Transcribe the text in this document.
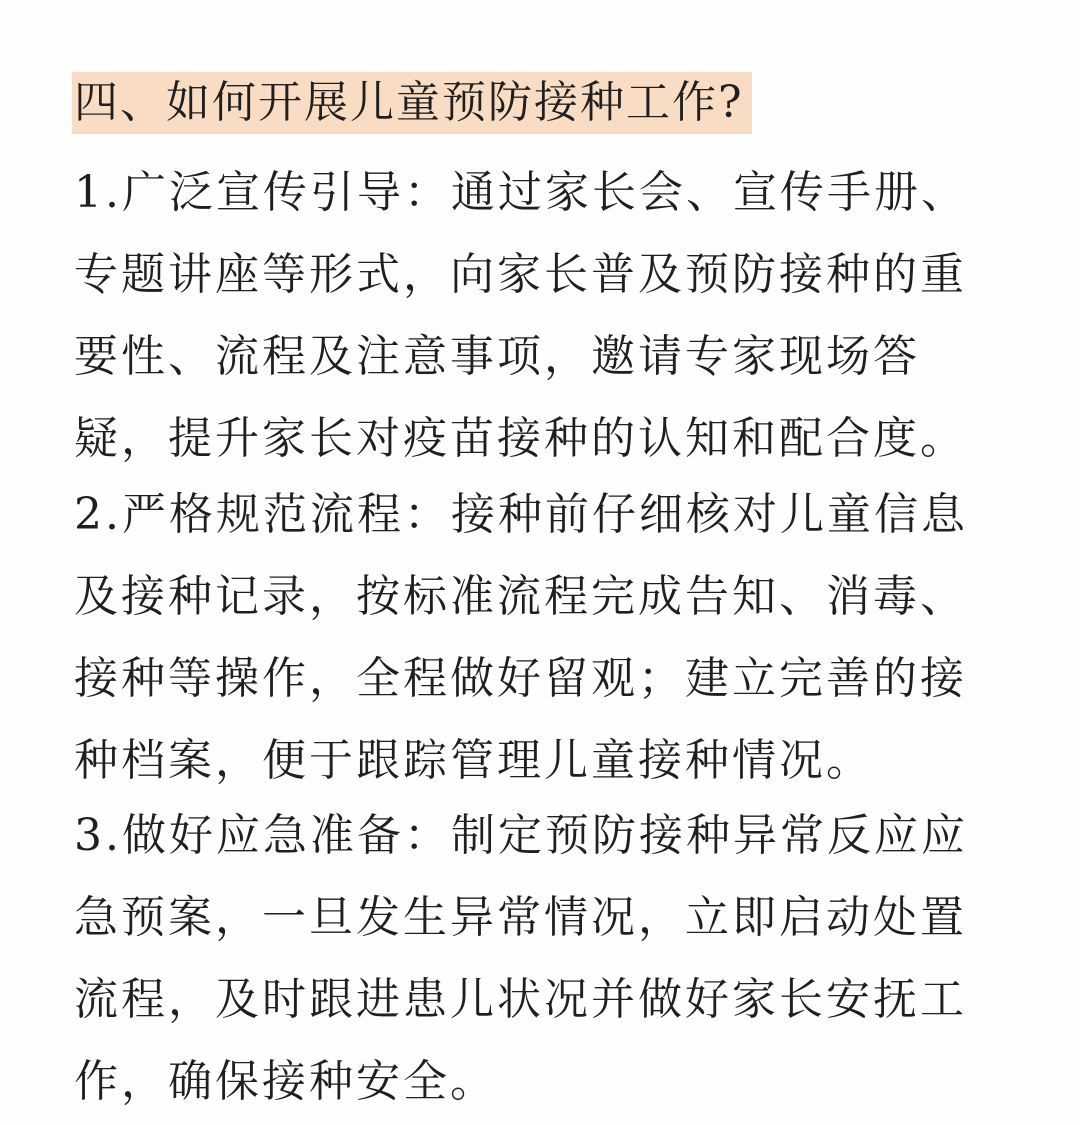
四、如何开展儿童预防接种工作?
1.广泛宣传引导：通过家长会、宣传手册、
专题讲座等形式，向家长普及预防接种的重
要性、流程及注意事项，邀请专家现场答
疑，提升家长对疫苗接种的认知和配合度。
2.严格规范流程：接种前仔细核对儿童信息
及接种记录，按标准流程完成告知、消毒、
接种等操作，全程做好留观；建立完善的接
种档案，便于跟踪管理儿童接种情况。
3.做好应急准备：制定预防接种异常反应应
急预案，一旦发生异常情况，立即启动处置
流程，及时跟进患儿状况并做好家长安抚工
作，确保接种安全。
